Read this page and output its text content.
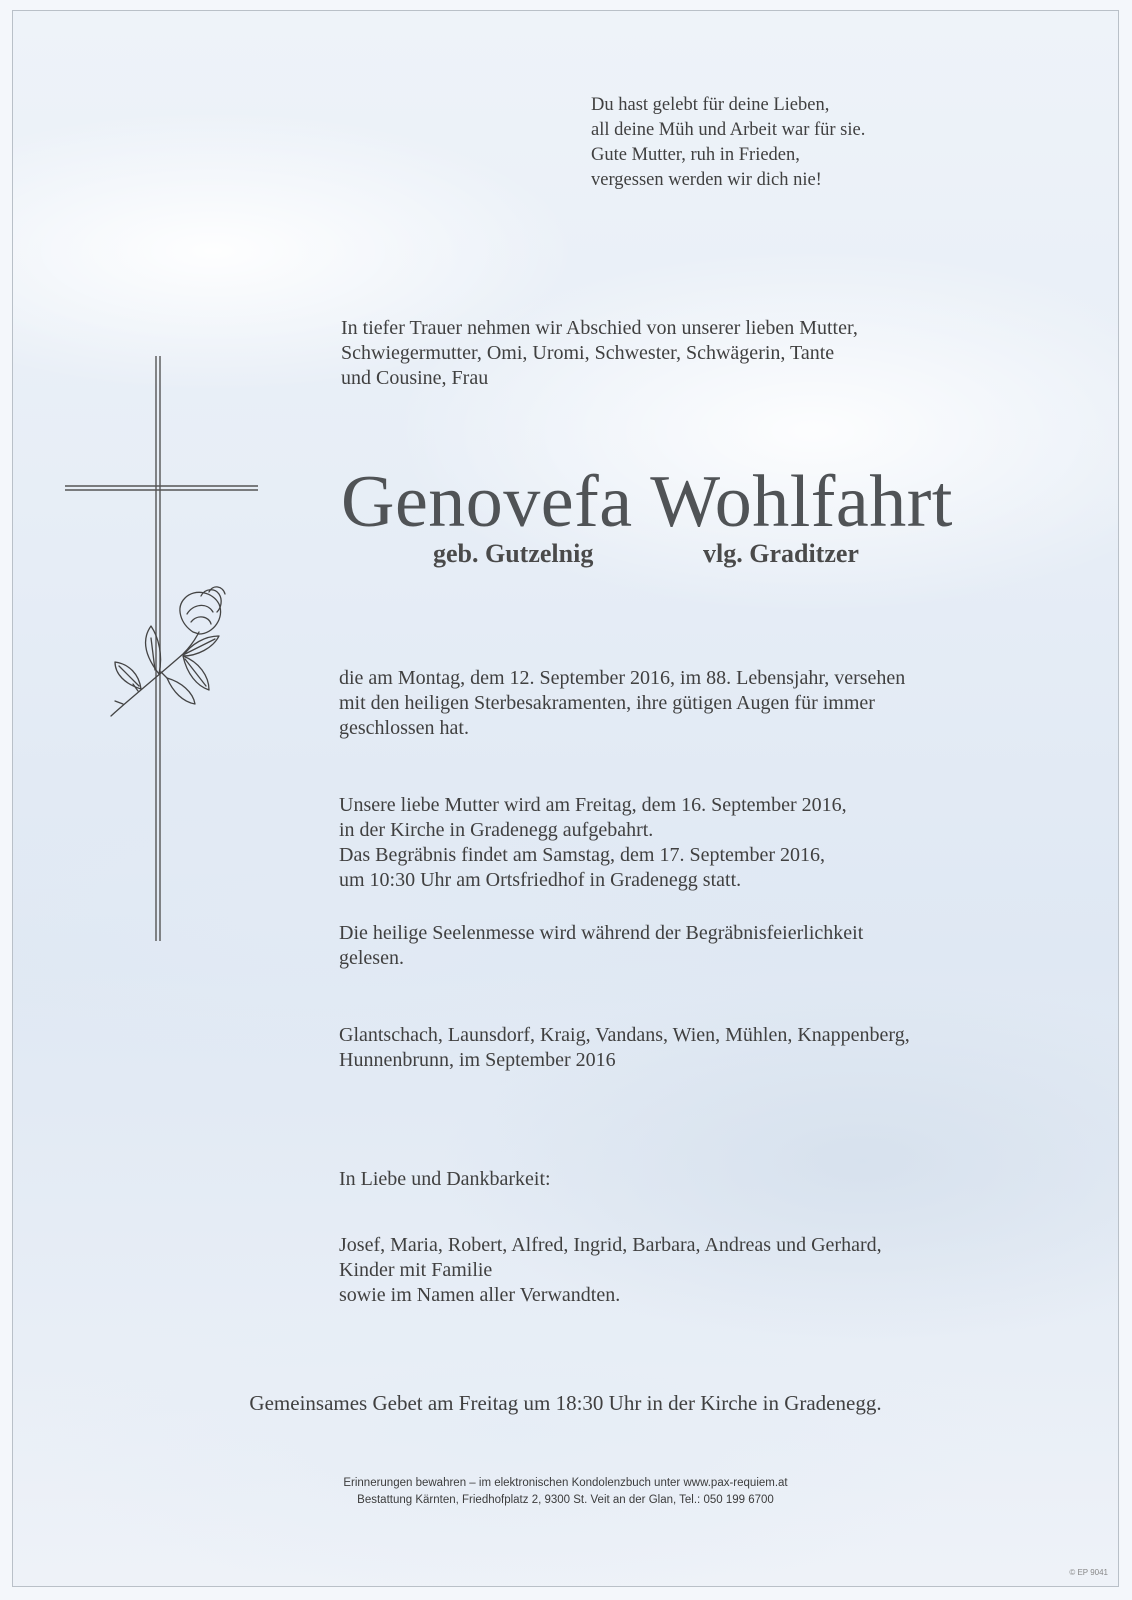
Du hast gelebt für deine Lieben,
all deine Müh und Arbeit war für sie.
Gute Mutter, ruh in Frieden,
vergessen werden wir dich nie!
In tiefer Trauer nehmen wir Abschied von unserer lieben Mutter,
Schwiegermutter, Omi, Uromi, Schwester, Schwägerin, Tante
und Cousine, Frau
Genovefa Wohlfahrt
geb. Gutzelnig	vlg. Graditzer
die am Montag, dem 12. September 2016, im 88. Lebensjahr, versehen
mit den heiligen Sterbesakramenten, ihre gütigen Augen für immer
geschlossen hat.
Unsere liebe Mutter wird am Freitag, dem 16. September 2016,
in der Kirche in Gradenegg aufgebahrt.
Das Begräbnis findet am Samstag, dem 17. September 2016,
um 10:30 Uhr am Ortsfriedhof in Gradenegg statt.
Die heilige Seelenmesse wird während der Begräbnisfeierlichkeit
gelesen.
Glantschach, Launsdorf, Kraig, Vandans, Wien, Mühlen, Knappenberg,
Hunnenbrunn, im September 2016
In Liebe und Dankbarkeit:
Josef, Maria, Robert, Alfred, Ingrid, Barbara, Andreas und Gerhard,
Kinder mit Familie
sowie im Namen aller Verwandten.
Gemeinsames Gebet am Freitag um 18:30 Uhr in der Kirche in Gradenegg.
Erinnerungen bewahren – im elektronischen Kondolenzbuch unter www.pax-requiem.at
Bestattung Kärnten, Friedhofplatz 2, 9300 St. Veit an der Glan, Tel.: 050 199 6700
© EP 9041
